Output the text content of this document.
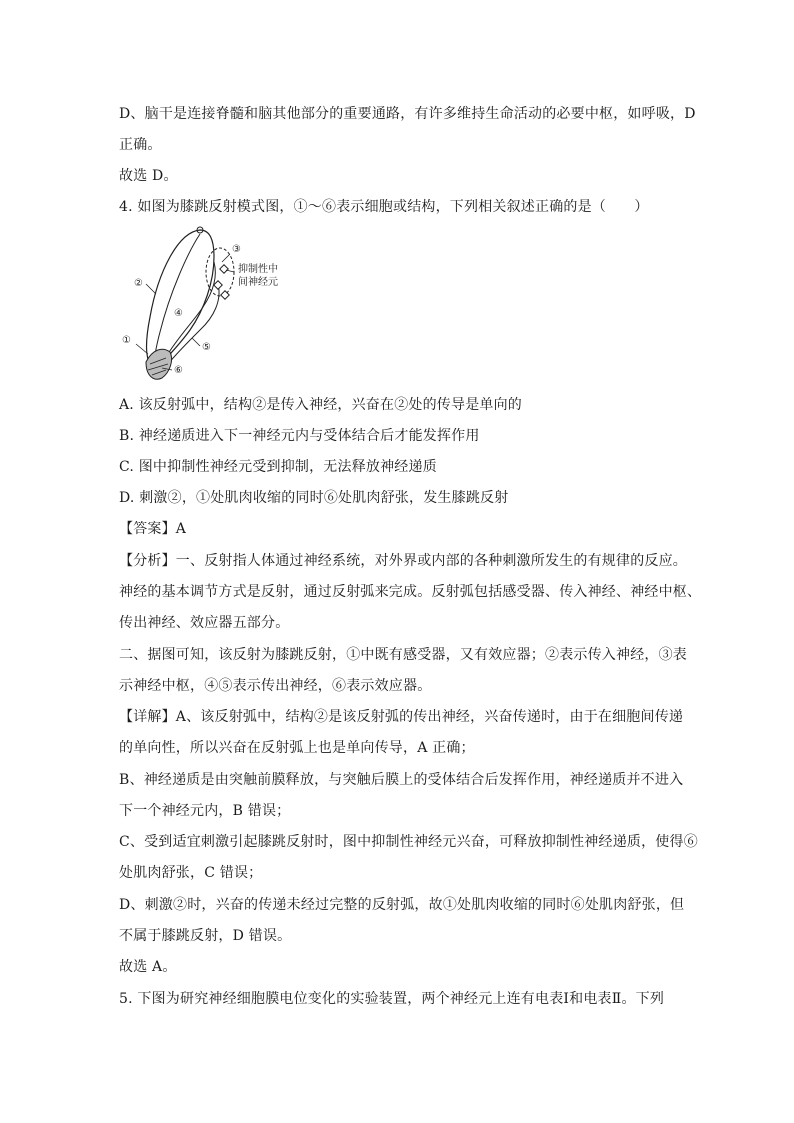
D、脑干是连接脊髓和脑其他部分的重要通路，有许多维持生命活动的必要中枢，如呼吸，D
正确。
故选 D。
4. 如图为膝跳反射模式图，①～⑥表示细胞或结构，下列相关叙述正确的是（　　）
③
抑制性中
间神经元
②
④
⑤
①
⑥
A. 该反射弧中，结构②是传入神经，兴奋在②处的传导是单向的
B. 神经递质进入下一神经元内与受体结合后才能发挥作用
C. 图中抑制性神经元受到抑制，无法释放神经递质
D. 刺激②，①处肌肉收缩的同时⑥处肌肉舒张，发生膝跳反射
【答案】A
【分析】一、反射指人体通过神经系统，对外界或内部的各种刺激所发生的有规律的反应。
神经的基本调节方式是反射，通过反射弧来完成。反射弧包括感受器、传入神经、神经中枢、
传出神经、效应器五部分。
二、据图可知，该反射为膝跳反射，①中既有感受器，又有效应器；②表示传入神经，③表
示神经中枢，④⑤表示传出神经，⑥表示效应器。
【详解】A、该反射弧中，结构②是该反射弧的传出神经，兴奋传递时，由于在细胞间传递
的单向性，所以兴奋在反射弧上也是单向传导，A 正确；
B、神经递质是由突触前膜释放，与突触后膜上的受体结合后发挥作用，神经递质并不进入
下一个神经元内，B 错误；
C、受到适宜刺激引起膝跳反射时，图中抑制性神经元兴奋，可释放抑制性神经递质，使得⑥
处肌肉舒张，C 错误；
D、刺激②时，兴奋的传递未经过完整的反射弧，故①处肌肉收缩的同时⑥处肌肉舒张，但
不属于膝跳反射，D 错误。
故选 A。
5. 下图为研究神经细胞膜电位变化的实验装置，两个神经元上连有电表Ⅰ和电表Ⅱ。下列
